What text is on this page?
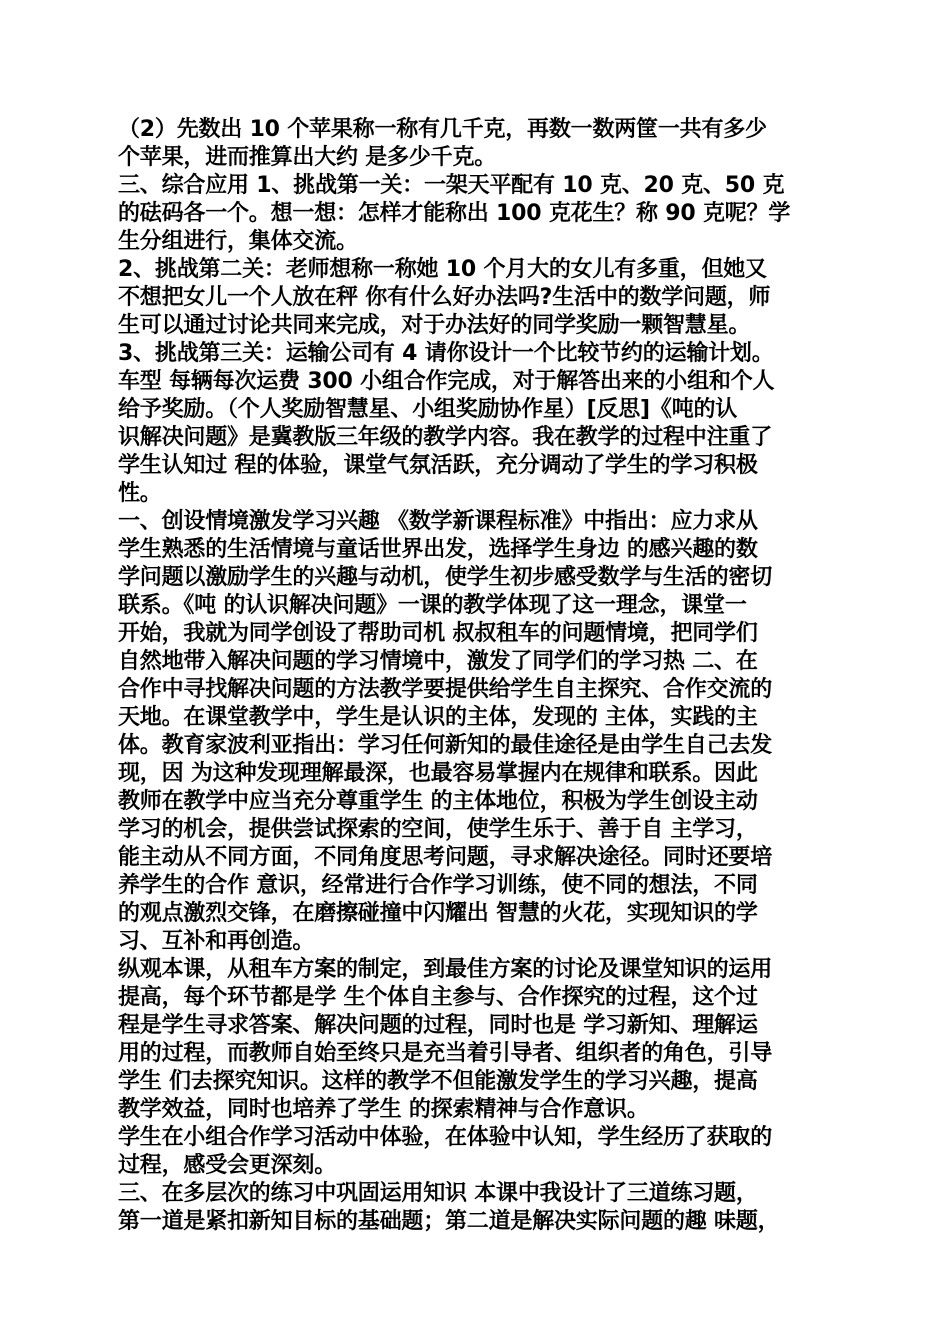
（2）先数出 10 个苹果称一称有几千克，再数一数两筐一共有多少
个苹果，进而推算出大约 是多少千克。
三、综合应用 1、挑战第一关：一架天平配有 10 克、20 克、50 克
的砝码各一个。想一想：怎样才能称出 100 克花生？称 90 克呢？学
生分组进行，集体交流。
2、挑战第二关：老师想称一称她 10 个月大的女儿有多重，但她又
不想把女儿一个人放在秤 你有什么好办法吗?生活中的数学问题，师
生可以通过讨论共同来完成，对于办法好的同学奖励一颗智慧星。
3、挑战第三关：运输公司有 4 请你设计一个比较节约的运输计划。
车型 每辆每次运费 300 小组合作完成，对于解答出来的小组和个人
给予奖励。（个人奖励智慧星、小组奖励协作星）[反思]《吨的认
识解决问题》是冀教版三年级的教学内容。我在教学的过程中注重了
学生认知过 程的体验，课堂气氛活跃，充分调动了学生的学习积极
性。
一、创设情境激发学习兴趣 《数学新课程标准》中指出：应力求从
学生熟悉的生活情境与童话世界出发，选择学生身边 的感兴趣的数
学问题以激励学生的兴趣与动机，使学生初步感受数学与生活的密切
联系。《吨 的认识解决问题》一课的教学体现了这一理念，课堂一
开始，我就为同学创设了帮助司机 叔叔租车的问题情境，把同学们
自然地带入解决问题的学习情境中，激发了同学们的学习热 二、在
合作中寻找解决问题的方法教学要提供给学生自主探究、合作交流的
天地。在课堂教学中，学生是认识的主体，发现的 主体，实践的主
体。教育家波利亚指出：学习任何新知的最佳途径是由学生自己去发
现，因 为这种发现理解最深，也最容易掌握内在规律和联系。因此
教师在教学中应当充分尊重学生 的主体地位，积极为学生创设主动
学习的机会，提供尝试探索的空间，使学生乐于、善于自 主学习，
能主动从不同方面，不同角度思考问题，寻求解决途径。同时还要培
养学生的合作 意识，经常进行合作学习训练，使不同的想法，不同
的观点激烈交锋，在磨擦碰撞中闪耀出 智慧的火花，实现知识的学
习、互补和再创造。
纵观本课，从租车方案的制定，到最佳方案的讨论及课堂知识的运用
提高，每个环节都是学 生个体自主参与、合作探究的过程，这个过
程是学生寻求答案、解决问题的过程，同时也是 学习新知、理解运
用的过程，而教师自始至终只是充当着引导者、组织者的角色，引导
学生 们去探究知识。这样的教学不但能激发学生的学习兴趣，提高
教学效益，同时也培养了学生 的探索精神与合作意识。
学生在小组合作学习活动中体验，在体验中认知，学生经历了获取的
过程，感受会更深刻。
三、在多层次的练习中巩固运用知识 本课中我设计了三道练习题，
第一道是紧扣新知目标的基础题；第二道是解决实际问题的趣 味题，
